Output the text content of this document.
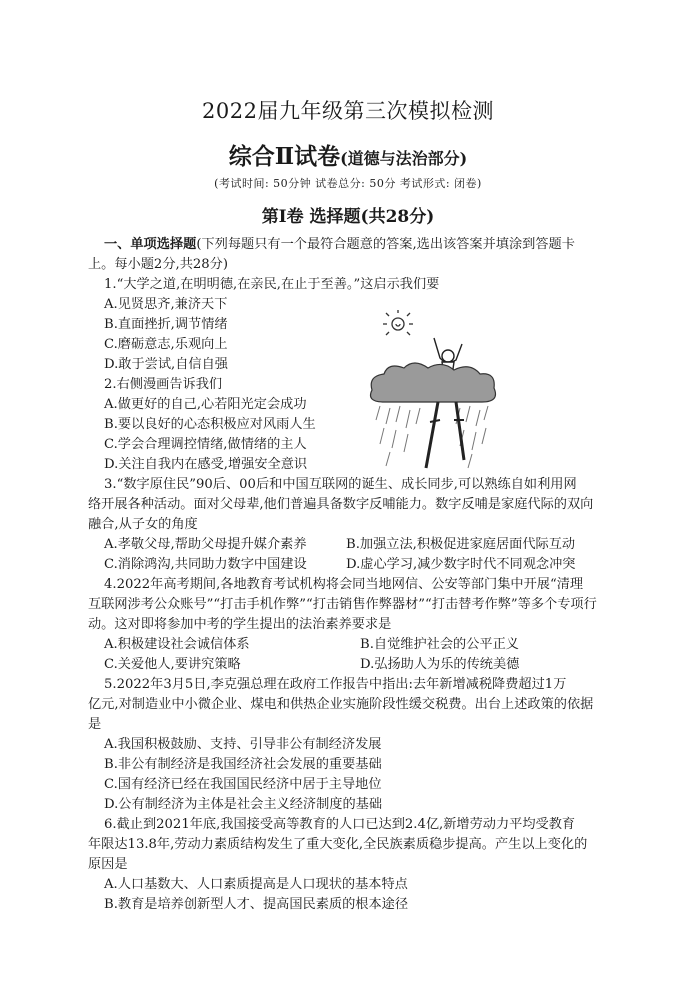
2022届九年级第三次模拟检测
综合Ⅱ试卷(道德与法治部分)
(考试时间: 50分钟 试卷总分: 50分 考试形式: 闭卷)
第Ⅰ卷 选择题(共28分)
一、单项选择题(下列每题只有一个最符合题意的答案,选出该答案并填涂到答题卡
上。每小题2分,共28分)
1.“大学之道,在明明德,在亲民,在止于至善。”这启示我们要
A.见贤思齐,兼济天下
B.直面挫折,调节情绪
C.磨砺意志,乐观向上
D.敢于尝试,自信自强
2.右侧漫画告诉我们
A.做更好的自己,心若阳光定会成功
B.要以良好的心态积极应对风雨人生
C.学会合理调控情绪,做情绪的主人
D.关注自我内在感受,增强安全意识
3.“数字原住民”90后、00后和中国互联网的诞生、成长同步,可以熟练自如利用网
络开展各种活动。面对父母辈,他们普遍具备数字反哺能力。数字反哺是家庭代际的双向
融合,从子女的角度
A.孝敬父母,帮助父母提升媒介素养	B.加强立法,积极促进家庭居面代际互动
C.消除鸿沟,共同助力数字中国建设	D.虚心学习,减少数字时代不同观念冲突
4.2022年高考期间,各地教育考试机构将会同当地网信、公安等部门集中开展“清理
互联网涉考公众账号”“打击手机作弊”“打击销售作弊器材”“打击替考作弊”等多个专项行
动。这对即将参加中考的学生提出的法治素养要求是
A.积极建设社会诚信体系	B.自觉维护社会的公平正义
C.关爱他人,要讲究策略	D.弘扬助人为乐的传统美德
5.2022年3月5日,李克强总理在政府工作报告中指出:去年新增减税降费超过1万
亿元,对制造业中小微企业、煤电和供热企业实施阶段性缓交税费。出台上述政策的依据
是
A.我国积极鼓励、支持、引导非公有制经济发展
B.非公有制经济是我国经济社会发展的重要基础
C.国有经济已经在我国国民经济中居于主导地位
D.公有制经济为主体是社会主义经济制度的基础
6.截止到2021年底,我国接受高等教育的人口已达到2.4亿,新增劳动力平均受教育
年限达13.8年,劳动力素质结构发生了重大变化,全民族素质稳步提高。产生以上变化的
原因是
A.人口基数大、人口素质提高是人口现状的基本特点
B.教育是培养创新型人才、提高国民素质的根本途径
